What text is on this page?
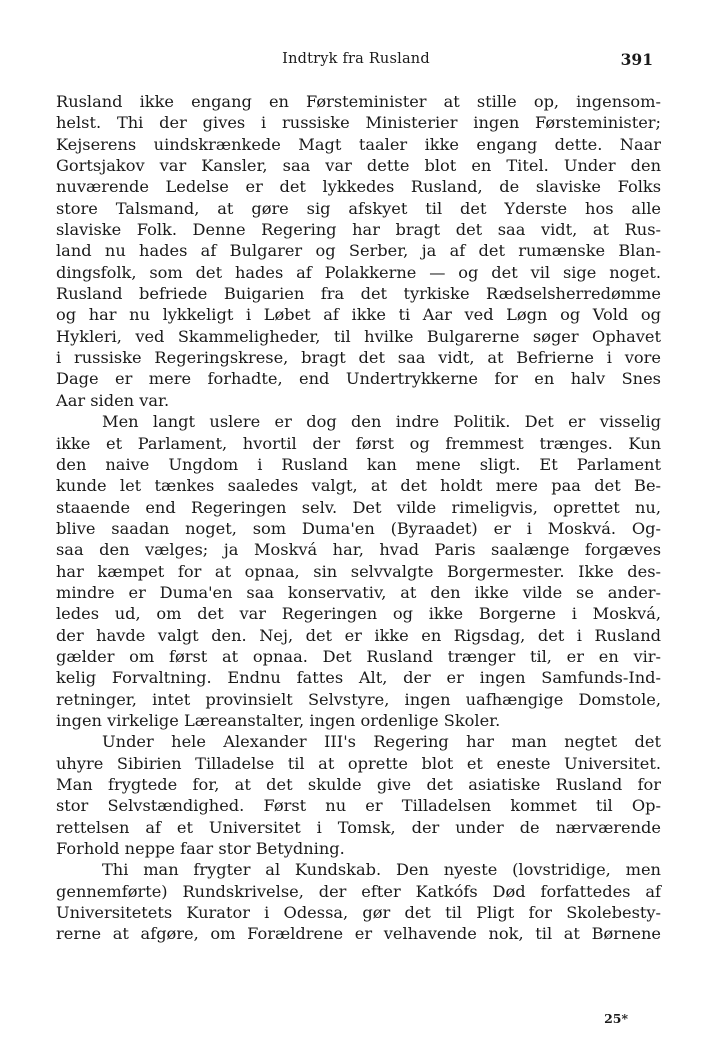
Indtryk fra Rusland	391
Rusland ikke engang en Førsteminister at stille op, ingensom-
helst. Thi der gives i russiske Ministerier ingen Førsteminister;
Kejserens uindskrænkede Magt taaler ikke engang dette. Naar
Gortsjakov var Kansler, saa var dette blot en Titel. Under den
nuværende Ledelse er det lykkedes Rusland, de slaviske Folks
store Talsmand, at gøre sig afskyet til det Yderste hos alle
slaviske Folk. Denne Regering har bragt det saa vidt, at Rus-
land nu hades af Bulgarer og Serber, ja af det rumænske Blan-
dingsfolk, som det hades af Polakkerne — og det vil sige noget.
Rusland befriede Buigarien fra det tyrkiske Rædselsherredømme
og har nu lykkeligt i Løbet af ikke ti Aar ved Løgn og Vold og
Hykleri, ved Skammeligheder, til hvilke Bulgarerne søger Ophavet
i russiske Regeringskrese, bragt det saa vidt, at Befrierne i vore
Dage er mere forhadte, end Undertrykkerne for en halv Snes
Aar siden var.
Men langt uslere er dog den indre Politik. Det er visselig
ikke et Parlament, hvortil der først og fremmest trænges. Kun
den naive Ungdom i Rusland kan mene sligt. Et Parlament
kunde let tænkes saaledes valgt, at det holdt mere paa det Be-
staaende end Regeringen selv. Det vilde rimeligvis, oprettet nu,
blive saadan noget, som Duma'en (Byraadet) er i Moskvá. Og-
saa den vælges; ja Moskvá har, hvad Paris saalænge forgæves
har kæmpet for at opnaa, sin selvvalgte Borgermester. Ikke des-
mindre er Duma'en saa konservativ, at den ikke vilde se ander-
ledes ud, om det var Regeringen og ikke Borgerne i Moskvá,
der havde valgt den. Nej, det er ikke en Rigsdag, det i Rusland
gælder om først at opnaa. Det Rusland trænger til, er en vir-
kelig Forvaltning. Endnu fattes Alt, der er ingen Samfunds-Ind-
retninger, intet provinsielt Selvstyre, ingen uafhængige Domstole,
ingen virkelige Læreanstalter, ingen ordenlige Skoler.
Under hele Alexander III's Regering har man negtet det
uhyre Sibirien Tilladelse til at oprette blot et eneste Universitet.
Man frygtede for, at det skulde give det asiatiske Rusland for
stor Selvstændighed. Først nu er Tilladelsen kommet til Op-
rettelsen af et Universitet i Tomsk, der under de nærværende
Forhold neppe faar stor Betydning.
Thi man frygter al Kundskab. Den nyeste (lovstridige, men
gennemførte) Rundskrivelse, der efter Katkófs Død forfattedes af
Universitetets Kurator i Odessa, gør det til Pligt for Skolebesty-
rerne at afgøre, om Forældrene er velhavende nok, til at Børnene
25*
